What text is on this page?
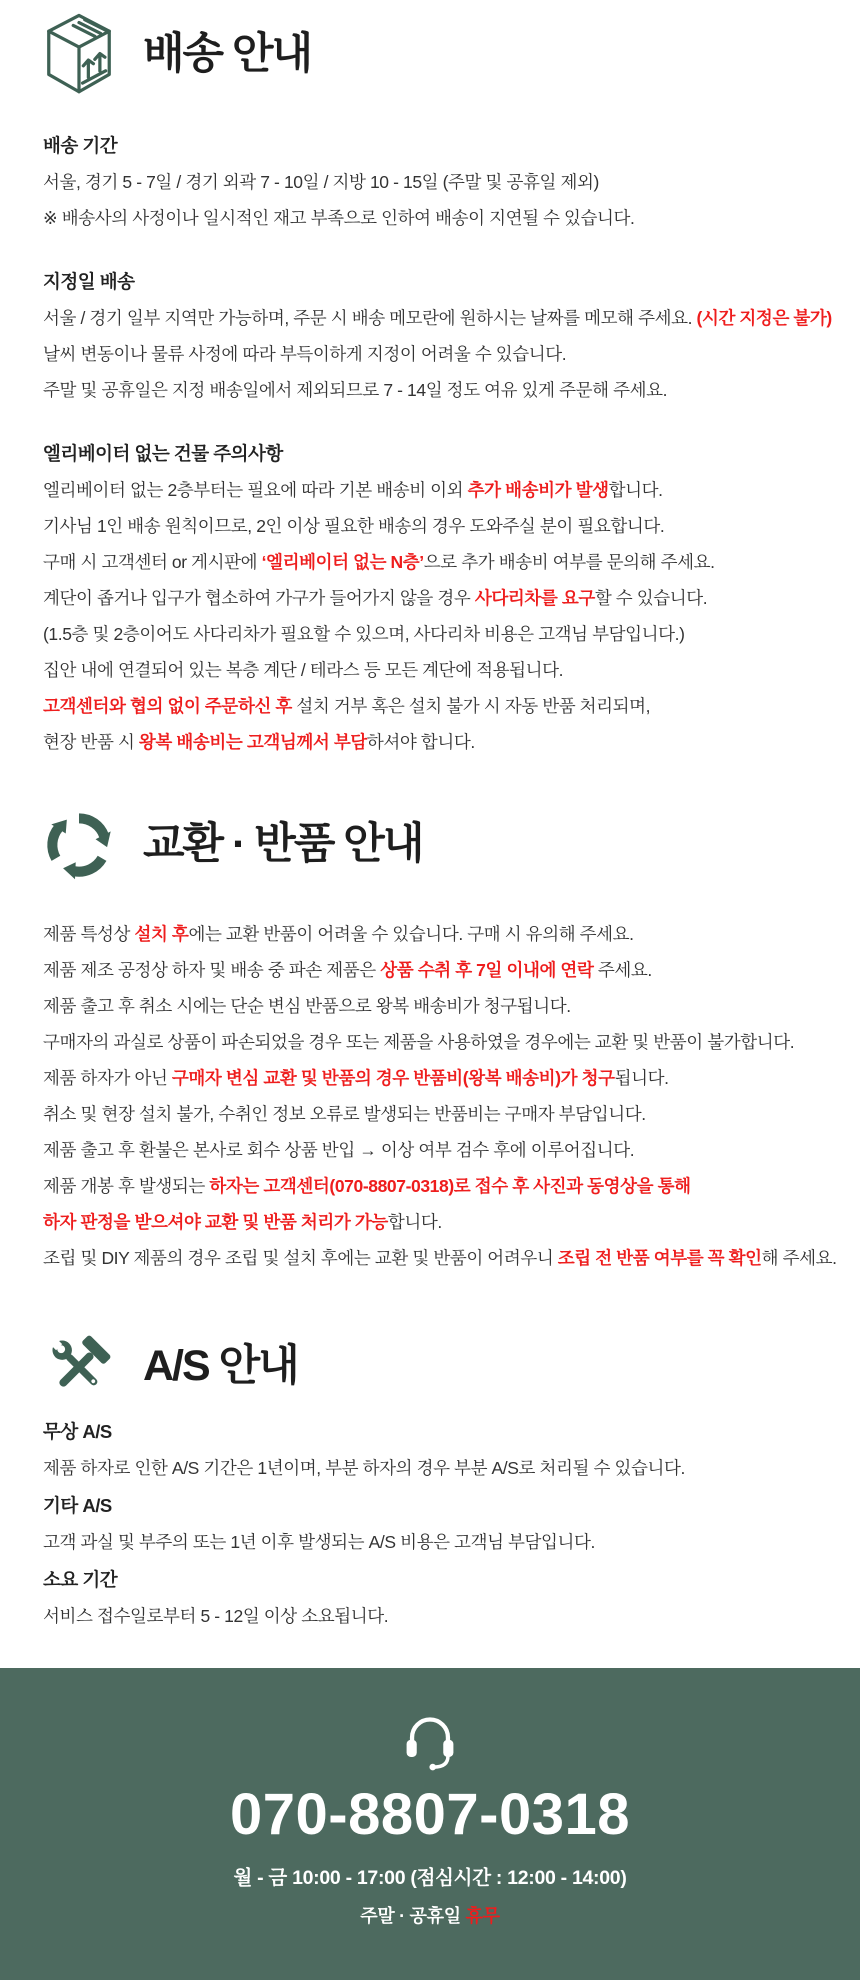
배송 안내

배송 기간

서울, 경기 5 - 7일 / 경기 외곽 7 - 10일 / 지방 10 - 15일 (주말 및 공휴일 제외)

※ 배송사의 사정이나 일시적인 재고 부족으로 인하여 배송이 지연될 수 있습니다.

지정일 배송

서울 / 경기 일부 지역만 가능하며, 주문 시 배송 메모란에 원하시는 날짜를 메모해 주세요. (시간 지정은 불가)

날씨 변동이나 물류 사정에 따라 부득이하게 지정이 어려울 수 있습니다.

주말 및 공휴일은 지정 배송일에서 제외되므로 7 - 14일 정도 여유 있게 주문해 주세요.

엘리베이터 없는 건물 주의사항

엘리베이터 없는 2층부터는 필요에 따라 기본 배송비 이외 추가 배송비가 발생합니다.

기사님 1인 배송 원칙이므로, 2인 이상 필요한 배송의 경우 도와주실 분이 필요합니다.

구매 시 고객센터 or 게시판에 ‘엘리베이터 없는 N층’으로 추가 배송비 여부를 문의해 주세요.

계단이 좁거나 입구가 협소하여 가구가 들어가지 않을 경우 사다리차를 요구할 수 있습니다.

(1.5층 및 2층이어도 사다리차가 필요할 수 있으며, 사다리차 비용은 고객님 부담입니다.)

집안 내에 연결되어 있는 복층 계단 / 테라스 등 모든 계단에 적용됩니다.

고객센터와 협의 없이 주문하신 후 설치 거부 혹은 설치 불가 시 자동 반품 처리되며,

현장 반품 시 왕복 배송비는 고객님께서 부담하셔야 합니다.

교환 · 반품 안내

제품 특성상 설치 후에는 교환 반품이 어려울 수 있습니다. 구매 시 유의해 주세요.

제품 제조 공정상 하자 및 배송 중 파손 제품은 상품 수취 후 7일 이내에 연락 주세요.

제품 출고 후 취소 시에는 단순 변심 반품으로 왕복 배송비가 청구됩니다.

구매자의 과실로 상품이 파손되었을 경우 또는 제품을 사용하였을 경우에는 교환 및 반품이 불가합니다.

제품 하자가 아닌 구매자 변심 교환 및 반품의 경우 반품비(왕복 배송비)가 청구됩니다.

취소 및 현장 설치 불가, 수취인 정보 오류로 발생되는 반품비는 구매자 부담입니다.

제품 출고 후 환불은 본사로 회수 상품 반입 → 이상 여부 검수 후에 이루어집니다.

제품 개봉 후 발생되는 하자는 고객센터(070-8807-0318)로 접수 후 사진과 동영상을 통해

하자 판정을 받으셔야 교환 및 반품 처리가 가능합니다.

조립 및 DIY 제품의 경우 조립 및 설치 후에는 교환 및 반품이 어려우니 조립 전 반품 여부를 꼭 확인해 주세요.

A/S 안내

무상 A/S

제품 하자로 인한 A/S 기간은 1년이며, 부분 하자의 경우 부분 A/S로 처리될 수 있습니다.

기타 A/S

고객 과실 및 부주의 또는 1년 이후 발생되는 A/S 비용은 고객님 부담입니다.

소요 기간

서비스 접수일로부터 5 - 12일 이상 소요됩니다.

070-8807-0318

월 - 금 10:00 - 17:00 (점심시간 : 12:00 - 14:00)

주말 · 공휴일 휴무
